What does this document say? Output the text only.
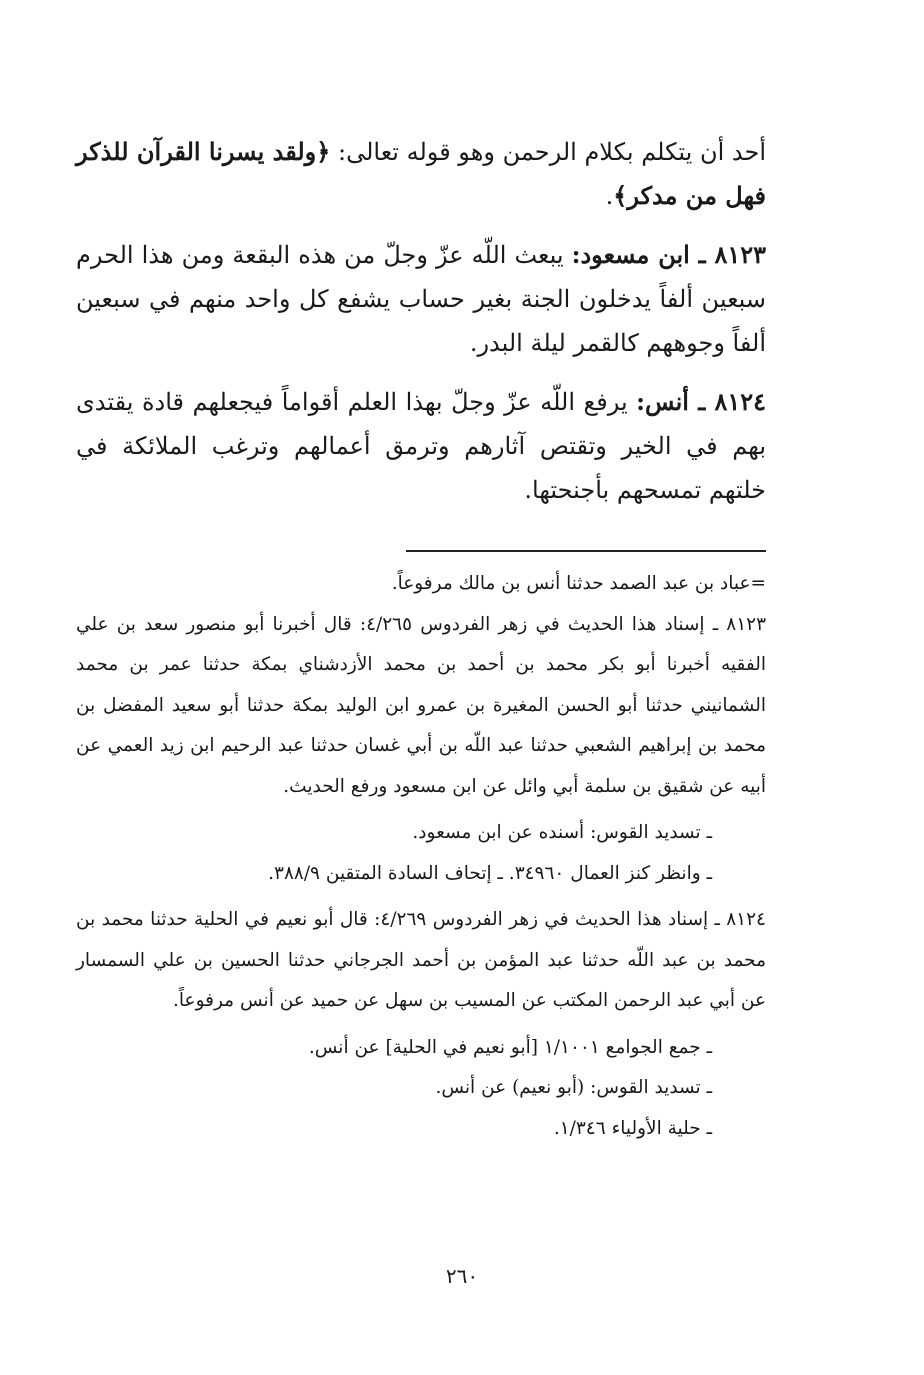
أحد أن يتكلم بكلام الرحمن وهو قوله تعالى: ﴿ولقد يسرنا القرآن للذكر فهل من مدكر﴾.

٨١٢٣ ـ ابن مسعود: يبعث اللّه عزّ وجلّ من هذه البقعة ومن هذا الحرم سبعين ألفاً يدخلون الجنة بغير حساب يشفع كل واحد منهم في سبعين ألفاً وجوههم كالقمر ليلة البدر.

٨١٢٤ ـ أنس: يرفع اللّه عزّ وجلّ بهذا العلم أقواماً فيجعلهم قادة يقتدى بهم في الخير وتقتص آثارهم وترمق أعمالهم وترغب الملائكة في خلتهم تمسحهم بأجنحتها.

=عباد بن عبد الصمد حدثنا أنس بن مالك مرفوعاً.

٨١٢٣ ـ إسناد هذا الحديث في زهر الفردوس ٤/٢٦٥: قال أخبرنا أبو منصور سعد بن علي الفقيه أخبرنا أبو بكر محمد بن أحمد بن محمد الأزدشناي بمكة حدثنا عمر بن محمد الشمانيني حدثنا أبو الحسن المغيرة بن عمرو ابن الوليد بمكة حدثنا أبو سعيد المفضل بن محمد بن إبراهيم الشعبي حدثنا عبد اللّه بن أبي غسان حدثنا عبد الرحيم ابن زيد العمي عن أبيه عن شقيق بن سلمة أبي وائل عن ابن مسعود ورفع الحديث.

ـ تسديد القوس: أسنده عن ابن مسعود.

ـ وانظر كنز العمال ٣٤٩٦٠. ـ إتحاف السادة المتقين ٣٨٨/٩.

٨١٢٤ ـ إسناد هذا الحديث في زهر الفردوس ٤/٢٦٩: قال أبو نعيم في الحلية حدثنا محمد بن محمد بن عبد اللّه حدثنا عبد المؤمن بن أحمد الجرجاني حدثنا الحسين بن علي السمسار عن أبي عبد الرحمن المكتب عن المسيب بن سهل عن حميد عن أنس مرفوعاً.

ـ جمع الجوامع ١/١٠٠١ [أبو نعيم في الحلية] عن أنس.

ـ تسديد القوس: (أبو نعيم) عن أنس.

ـ حلية الأولياء ١/٣٤٦.

٢٦٠
